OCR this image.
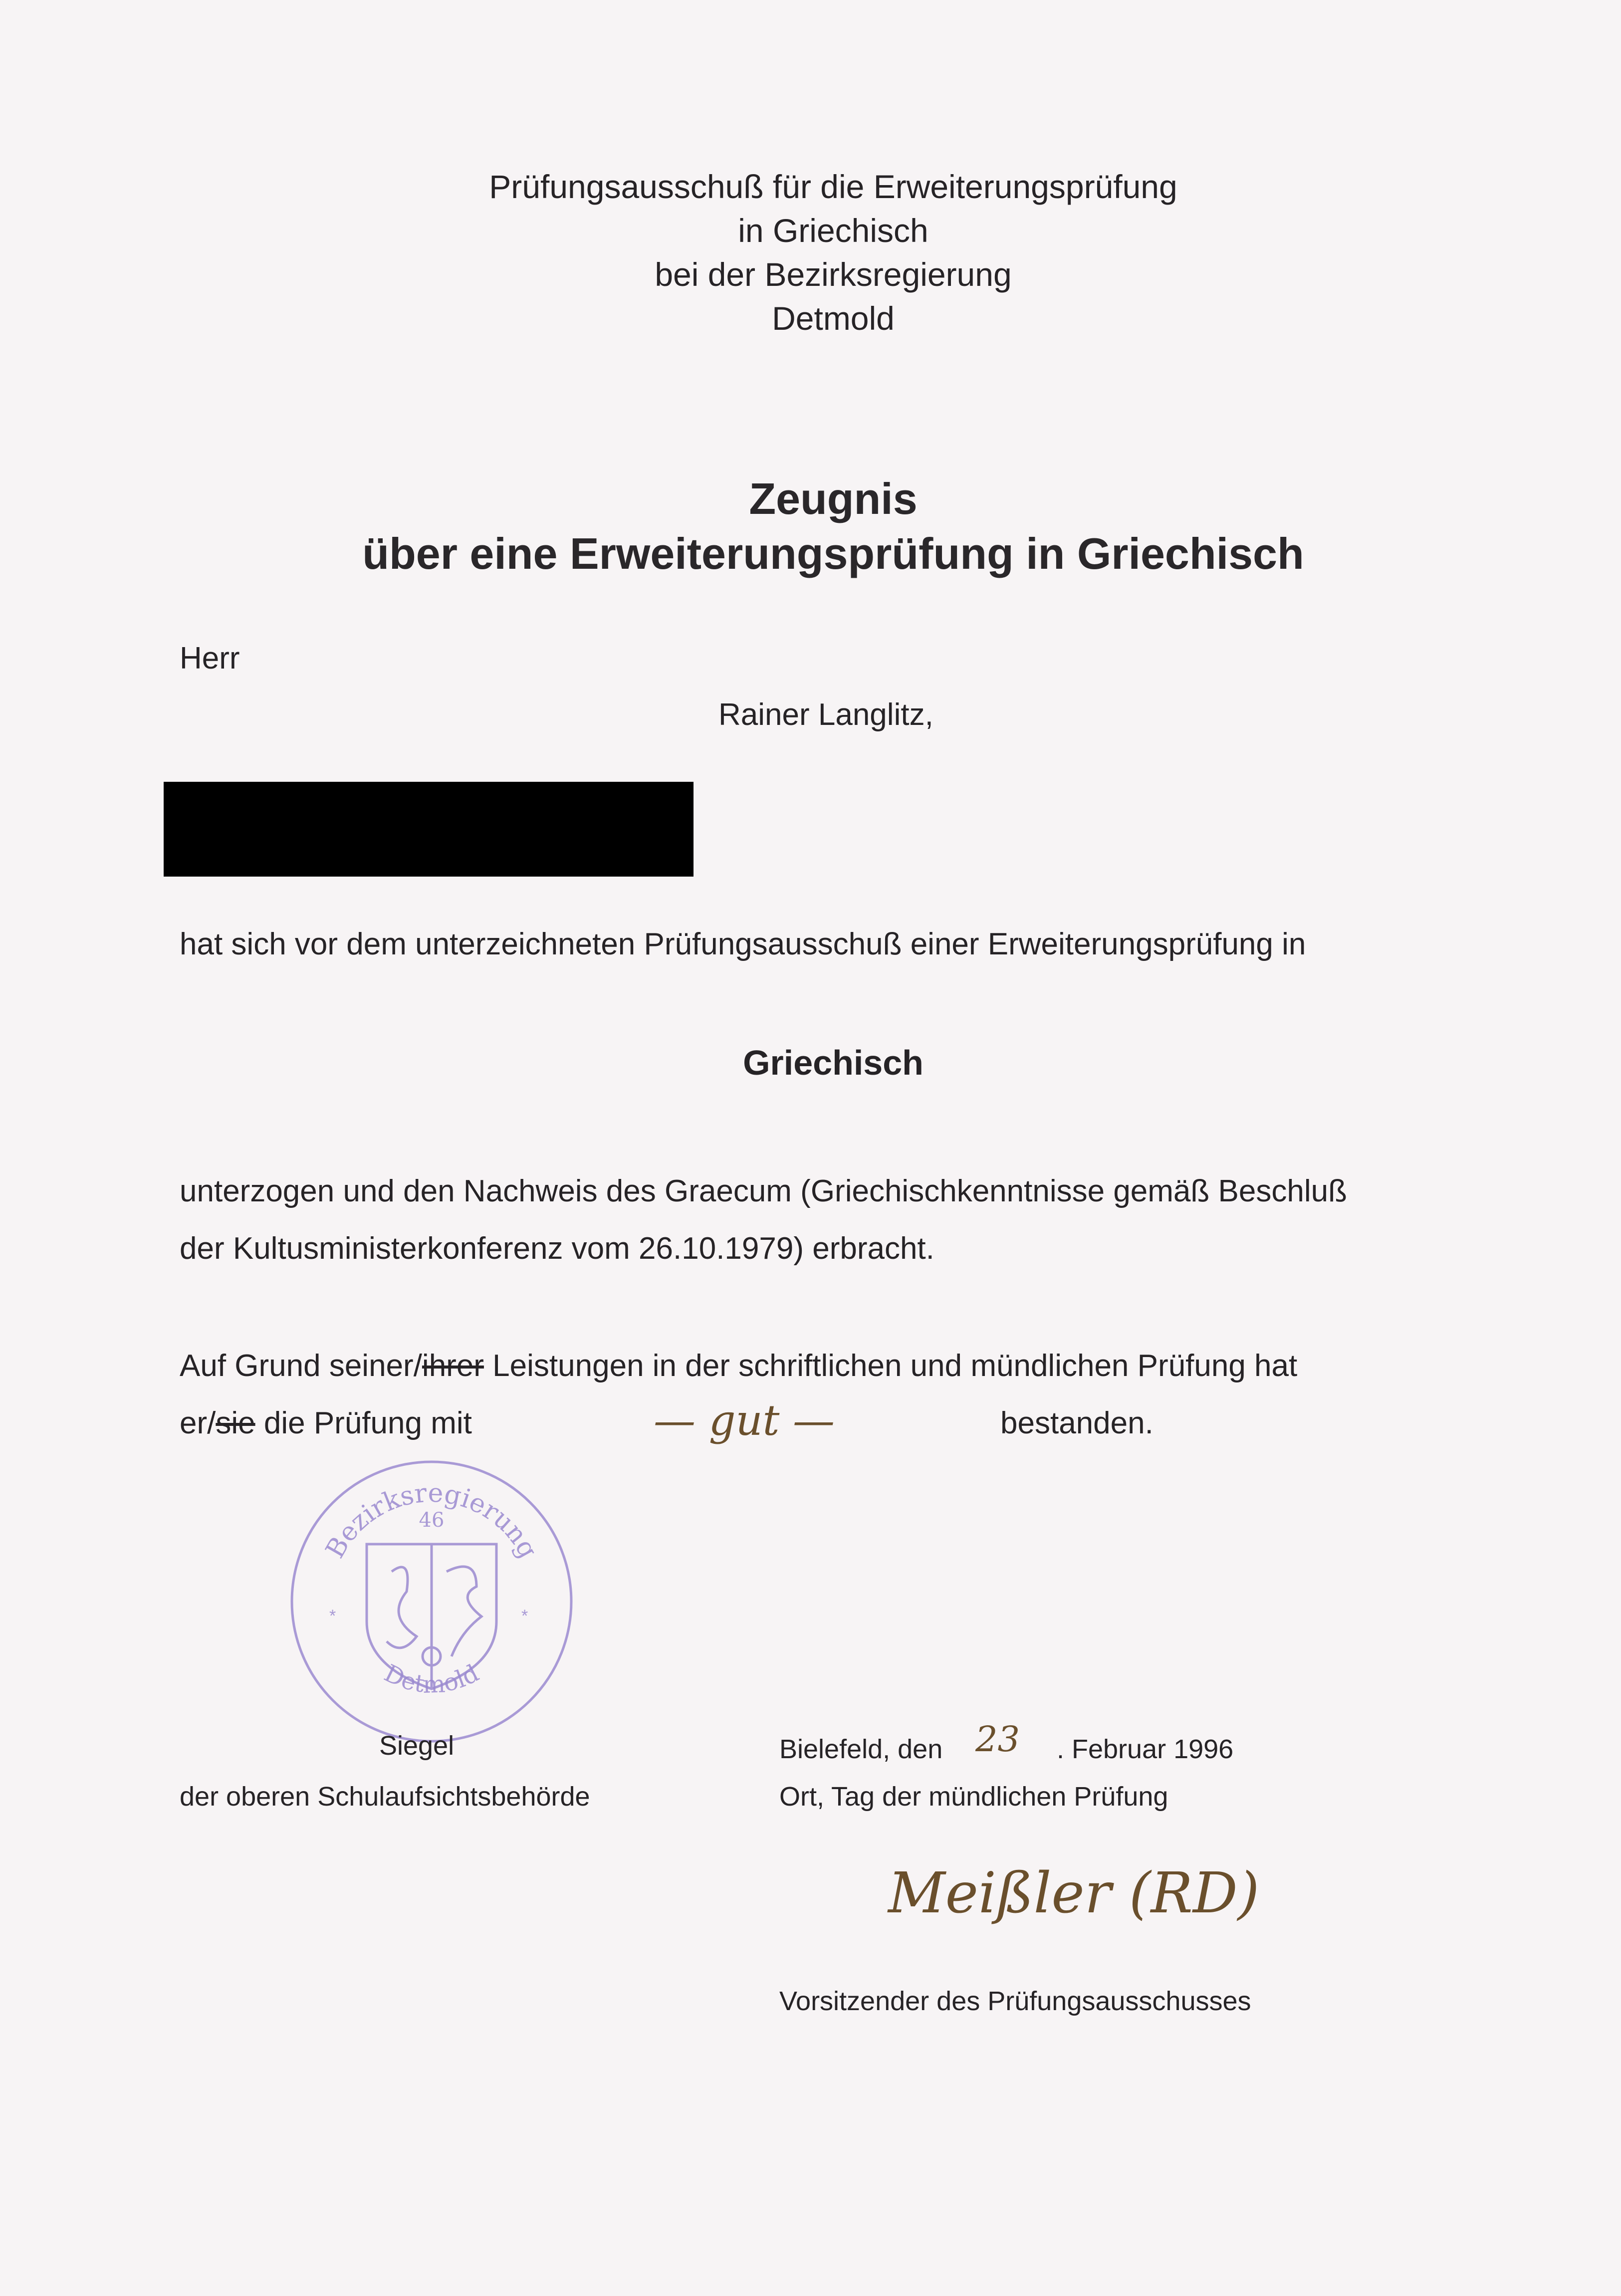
Prüfungsausschuß für die Erweiterungsprüfung
in Griechisch
bei der Bezirksregierung
Detmold
Zeugnis
über eine Erweiterungsprüfung in Griechisch
Herr
Rainer Langlitz,
hat sich vor dem unterzeichneten Prüfungsausschuß einer Erweiterungsprüfung in
Griechisch
unterzogen und den Nachweis des Graecum (Griechischkenntnisse gemäß Beschluß
der Kultusministerkonferenz vom 26.10.1979) erbracht.
Auf Grund seiner/ihrer Leistungen in der schriftlichen und mündlichen Prüfung hat
er/sie die Prüfung mit	— gut —	bestanden.
Bezirksregierung
46
Detmold
*	*
Siegel
der oberen Schulaufsichtsbehörde
Bielefeld, den 23 . Februar 1996
Ort, Tag der mündlichen Prüfung
Meißler (RD)
Vorsitzender des Prüfungsausschusses
